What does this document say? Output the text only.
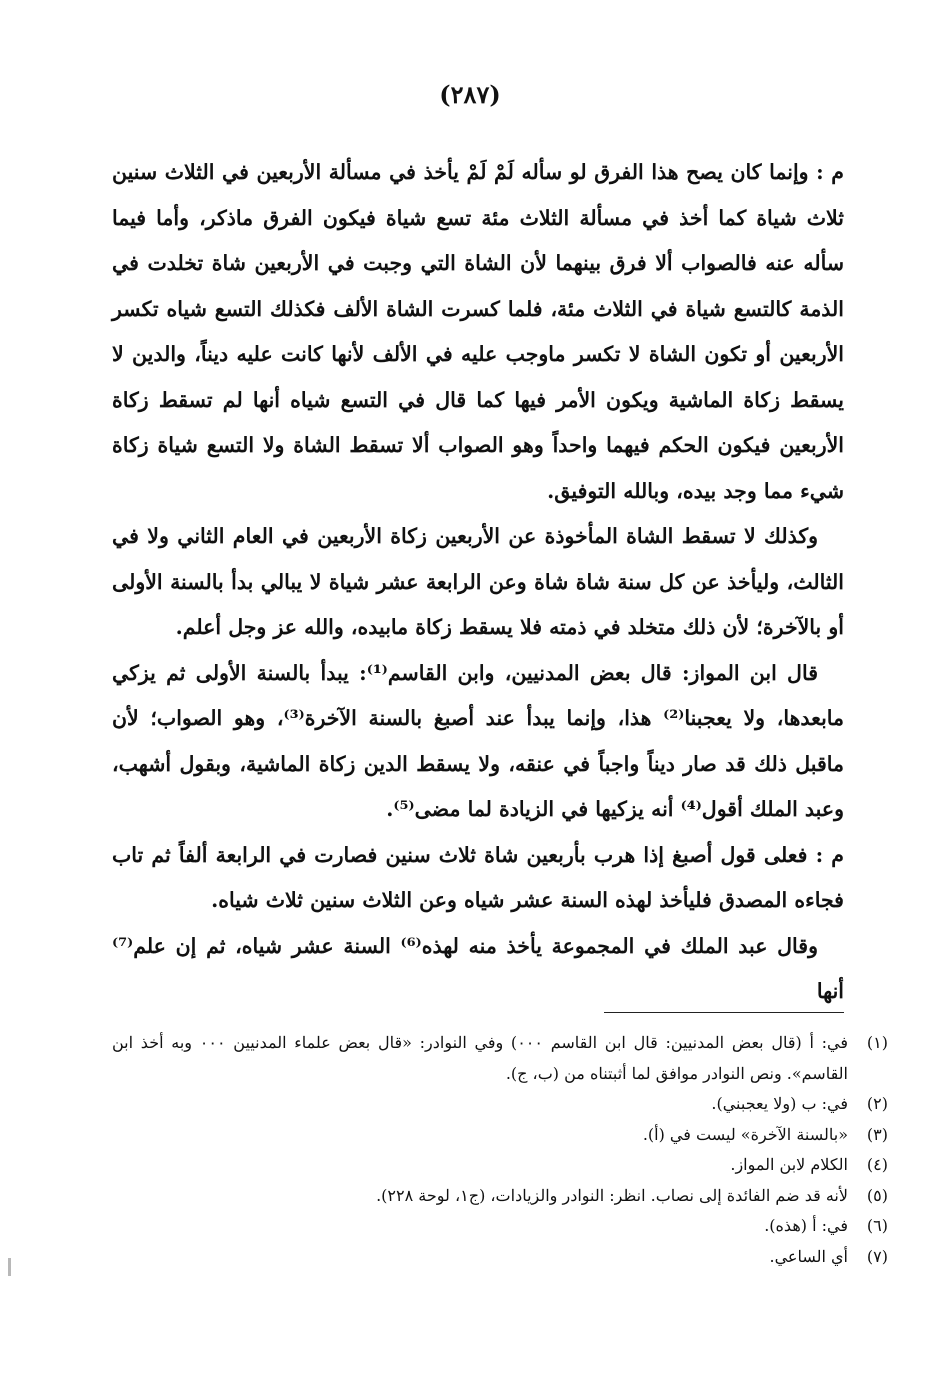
(٢٨٧)

م : وإنما كان يصح هذا الفرق لو سأله لَمْ لَمْ يأخذ في مسألة الأربعين في الثلاث سنين ثلاث شياة كما أخذ في مسألة الثلاث مئة تسع شياة فيكون الفرق ماذكر، وأما فيما سأله عنه فالصواب ألا فرق بينهما لأن الشاة التي وجبت في الأربعين شاة تخلدت في الذمة كالتسع شياة في الثلاث مئة، فلما كسرت الشاة الألف فكذلك التسع شياه تكسر الأربعين أو تكون الشاة لا تكسر ماوجب عليه في الألف لأنها كانت عليه ديناً، والدين لا يسقط زكاة الماشية ويكون الأمر فيها كما قال في التسع شياه أنها لم تسقط زكاة الأربعين فيكون الحكم فيهما واحداً وهو الصواب ألا تسقط الشاة ولا التسع شياة زكاة شيء مما وجد بيده، وبالله التوفيق.

وكذلك لا تسقط الشاة المأخوذة عن الأربعين زكاة الأربعين في العام الثاني ولا في الثالث، وليأخذ عن كل سنة شاة شاة وعن الرابعة عشر شياة لا يبالي بدأ بالسنة الأولى أو بالآخرة؛ لأن ذلك متخلد في ذمته فلا يسقط زكاة مابيده، والله عز وجل أعلم.

قال ابن المواز: قال بعض المدنيين، وابن القاسم⁽¹⁾: يبدأ بالسنة الأولى ثم يزكي مابعدها، ولا يعجبنا⁽²⁾ هذا، وإنما يبدأ عند أصبغ بالسنة الآخرة⁽³⁾، وهو الصواب؛ لأن ماقبل ذلك قد صار ديناً واجباً في عنقه، ولا يسقط الدين زكاة الماشية، وبقول أشهب، وعبد الملك أقول⁽⁴⁾ أنه يزكيها في الزيادة لما مضى⁽⁵⁾.

م : فعلى قول أصبغ إذا هرب بأربعين شاة ثلاث سنين فصارت في الرابعة ألفاً ثم تاب فجاءه المصدق فليأخذ لهذه السنة عشر شياه وعن الثلاث سنين ثلاث شياه.

وقال عبد الملك في المجموعة يأخذ منه لهذه⁽⁶⁾ السنة عشر شياه، ثم إن علم⁽⁷⁾ أنها

(١)
في: أ (قال بعض المدنيين: قال ابن القاسم ٠٠٠) وفي النوادر: «قال بعض علماء المدنيين ٠٠٠ وبه أخذ ابن القاسم». ونص النوادر موافق لما أثبتناه من (ب، ج).
(٢)
في: ب (ولا يعجبني).
(٣)
«بالسنة الآخرة» ليست في (أ).
(٤)
الكلام لابن المواز.
(٥)
لأنه قد ضم الفائدة إلى نصاب. انظر: النوادر والزيادات، (ج١، لوحة ٢٢٨).
(٦)
في: أ (هذه).
(٧)
أي الساعي.
